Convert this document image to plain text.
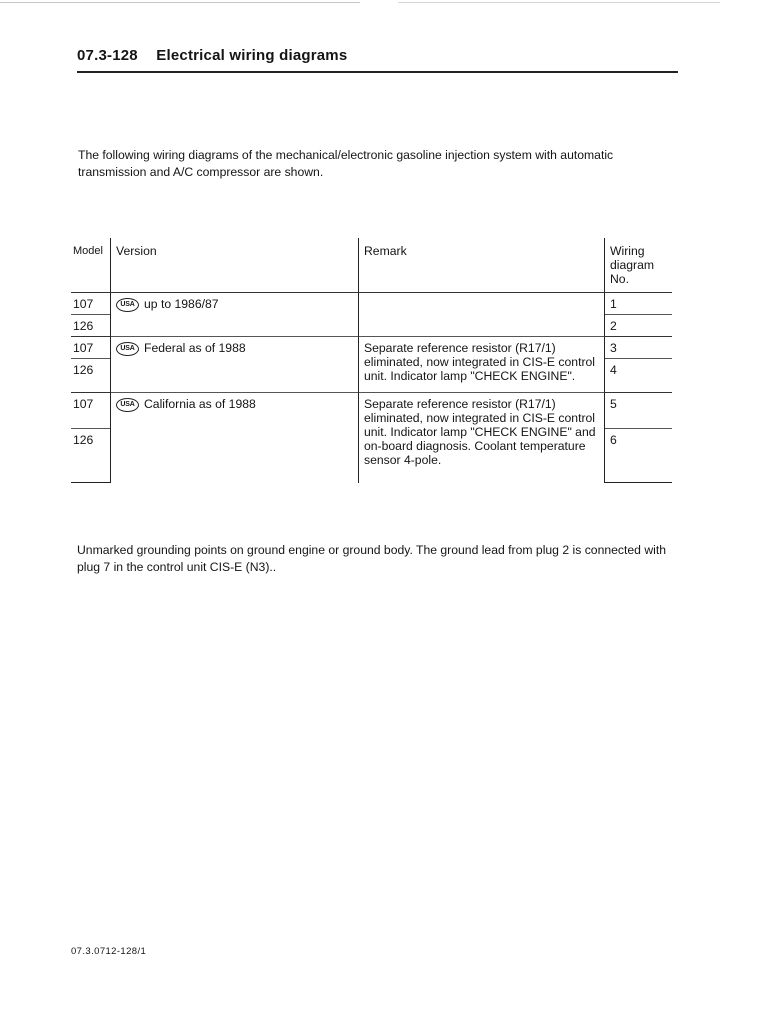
07.3-128 Electrical wiring diagrams

The following wiring diagrams of the mechanical/electronic gasoline injection system with automatic transmission and A/C compressor are shown.

Model	Version	Remark	Wiring diagram No.
107	USA up to 1986/87		1
126			2
107	USA Federal as of 1988	Separate reference resistor (R17/1) eliminated, now integrated in CIS-E control unit. Indicator lamp "CHECK ENGINE".	3
126			4
107	USA California as of 1988	Separate reference resistor (R17/1) eliminated, now integrated in CIS-E control unit. Indicator lamp "CHECK ENGINE" and on-board diagnosis. Coolant temperature sensor 4-pole.	5
126			6

Unmarked grounding points on ground engine or ground body. The ground lead from plug 2 is connected with plug 7 in the control unit CIS-E (N3)..

07.3.0712-128/1
